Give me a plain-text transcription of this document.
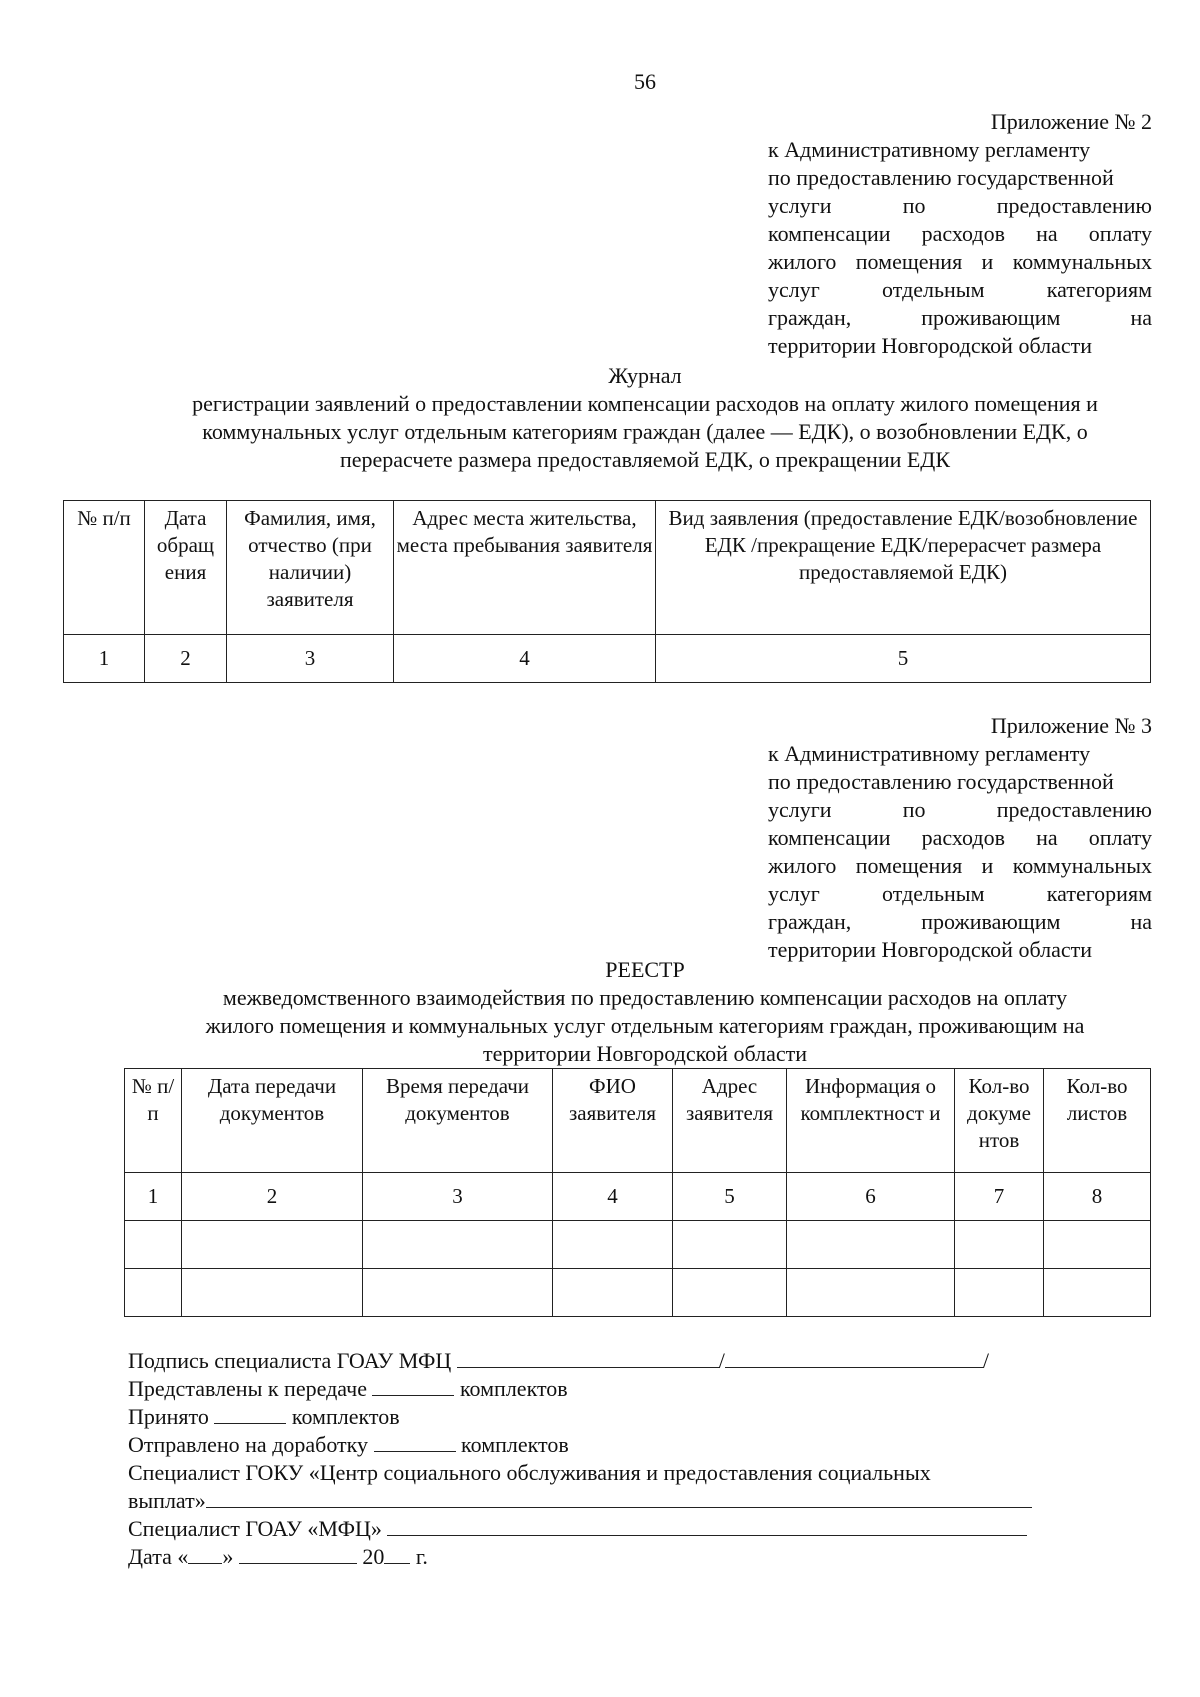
56
Приложение № 2
к Административному регламенту
по предоставлению государственной
услуги по предоставлению
компенсации расходов на оплату
жилого помещения и коммунальных
услуг отдельным категориям
граждан, проживающим на
территории Новгородской области
Журнал
регистрации заявлений о предоставлении компенсации расходов на оплату жилого помещения и
коммунальных услуг отдельным категориям граждан (далее — ЕДК), о возобновлении ЕДК, о
перерасчете размера предоставляемой ЕДК, о прекращении ЕДК
№ п/п	Дата обращ ения	Фамилия, имя, отчество (при наличии) заявителя	Адрес места жительства, места пребывания заявителя	Вид заявления (предоставление ЕДК/возобновление ЕДК /прекращение ЕДК/перерасчет размера предоставляемой ЕДК)
1	2	3	4	5
Приложение № 3
к Административному регламенту
по предоставлению государственной
услуги по предоставлению
компенсации расходов на оплату
жилого помещения и коммунальных
услуг отдельным категориям
граждан, проживающим на
территории Новгородской области
РЕЕСТР
межведомственного взаимодействия по предоставлению компенсации расходов на оплату
жилого помещения и коммунальных услуг отдельным категориям граждан, проживающим на
территории Новгородской области
№ п/п	Дата передачи документов	Время передачи документов	ФИО заявителя	Адрес заявителя	Информация о комплектност и	Кол-во докуме нтов	Кол-во листов
1	2	3	4	5	6	7	8

Подпись специалиста ГОАУ МФЦ	/	/
Представлены к передаче	комплектов
Принято	комплектов
Отправлено на доработку	комплектов
Специалист ГОКУ «Центр социального обслуживания и предоставления социальных
выплат»
Специалист ГОАУ «МФЦ»
Дата « »	20 г.
